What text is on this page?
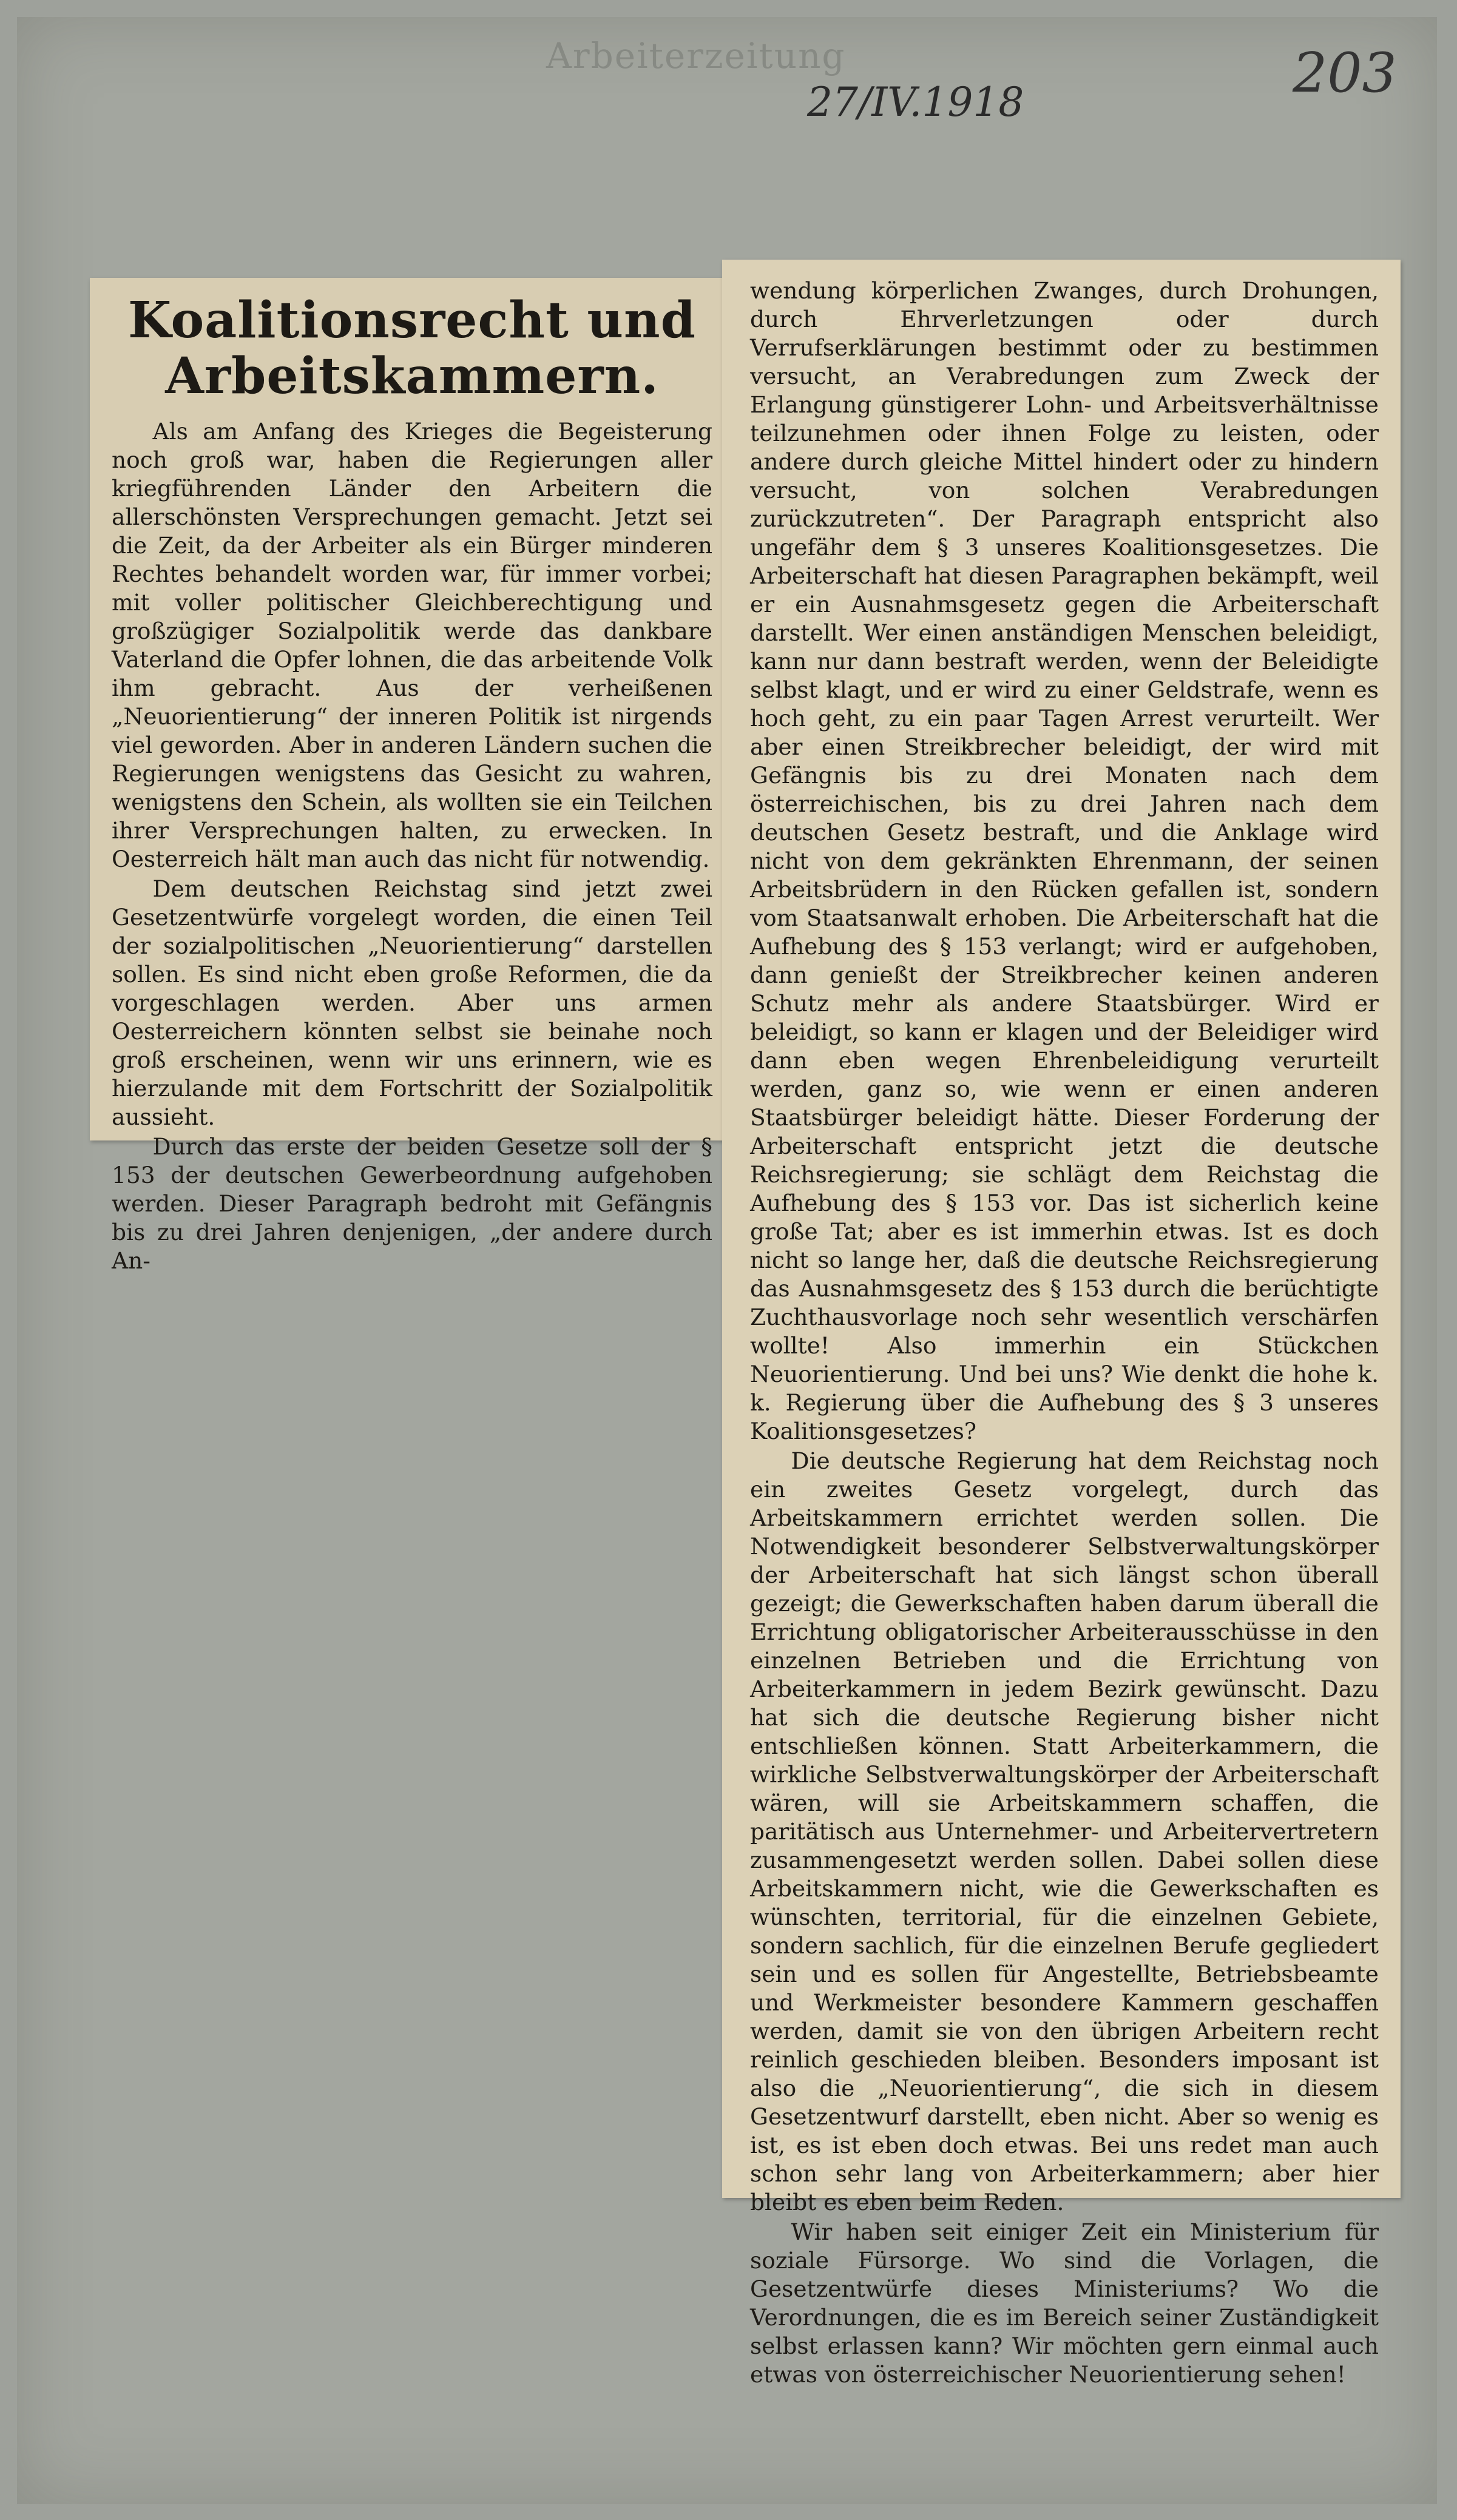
Arbeiterzeitung
27/IV.1918	203
Koalitionsrecht und Arbeitskammern.

Als am Anfang des Krieges die Begeisterung noch groß war, haben die Regierungen aller kriegführenden Länder den Arbeitern die allerschönsten Versprechungen gemacht. Jetzt sei die Zeit, da der Arbeiter als ein Bürger minderen Rechtes behandelt worden war, für immer vorbei; mit voller politischer Gleichberechtigung und großzügiger Sozialpolitik werde das dankbare Vaterland die Opfer lohnen, die das arbeitende Volk ihm gebracht. Aus der verheißenen „Neuorientierung“ der inneren Politik ist nirgends viel geworden. Aber in anderen Ländern suchen die Regierungen wenigstens das Gesicht zu wahren, wenigstens den Schein, als wollten sie ein Teilchen ihrer Versprechungen halten, zu erwecken. In Oesterreich hält man auch das nicht für notwendig.

Dem deutschen Reichstag sind jetzt zwei Gesetzentwürfe vorgelegt worden, die einen Teil der sozialpolitischen „Neuorientierung“ darstellen sollen. Es sind nicht eben große Reformen, die da vorgeschlagen werden. Aber uns armen Oesterreichern könnten selbst sie beinahe noch groß erscheinen, wenn wir uns erinnern, wie es hierzulande mit dem Fortschritt der Sozialpolitik aussieht.

Durch das erste der beiden Gesetze soll der § 153 der deutschen Gewerbeordnung aufgehoben werden. Dieser Paragraph bedroht mit Gefängnis bis zu drei Jahren denjenigen, „der andere durch An-

wendung körperlichen Zwanges, durch Drohungen, durch Ehrverletzungen oder durch Verrufserklärungen bestimmt oder zu bestimmen versucht, an Verabredungen zum Zweck der Erlangung günstigerer Lohn- und Arbeitsverhältnisse teilzunehmen oder ihnen Folge zu leisten, oder andere durch gleiche Mittel hindert oder zu hindern versucht, von solchen Verabredungen zurückzutreten“. Der Paragraph entspricht also ungefähr dem § 3 unseres Koalitionsgesetzes. Die Arbeiterschaft hat diesen Paragraphen bekämpft, weil er ein Ausnahmsgesetz gegen die Arbeiterschaft darstellt. Wer einen anständigen Menschen beleidigt, kann nur dann bestraft werden, wenn der Beleidigte selbst klagt, und er wird zu einer Geldstrafe, wenn es hoch geht, zu ein paar Tagen Arrest verurteilt. Wer aber einen Streikbrecher beleidigt, der wird mit Gefängnis bis zu drei Monaten nach dem österreichischen, bis zu drei Jahren nach dem deutschen Gesetz bestraft, und die Anklage wird nicht von dem gekränkten Ehrenmann, der seinen Arbeitsbrüdern in den Rücken gefallen ist, sondern vom Staatsanwalt erhoben. Die Arbeiterschaft hat die Aufhebung des § 153 verlangt; wird er aufgehoben, dann genießt der Streikbrecher keinen anderen Schutz mehr als andere Staatsbürger. Wird er beleidigt, so kann er klagen und der Beleidiger wird dann eben wegen Ehrenbeleidigung verurteilt werden, ganz so, wie wenn er einen anderen Staatsbürger beleidigt hätte. Dieser Forderung der Arbeiterschaft entspricht jetzt die deutsche Reichsregierung; sie schlägt dem Reichstag die Aufhebung des § 153 vor. Das ist sicherlich keine große Tat; aber es ist immerhin etwas. Ist es doch nicht so lange her, daß die deutsche Reichsregierung das Ausnahmsgesetz des § 153 durch die berüchtigte Zuchthausvorlage noch sehr wesentlich verschärfen wollte! Also immerhin ein Stückchen Neuorientierung. Und bei uns? Wie denkt die hohe k. k. Regierung über die Aufhebung des § 3 unseres Koalitionsgesetzes?

Die deutsche Regierung hat dem Reichstag noch ein zweites Gesetz vorgelegt, durch das Arbeitskammern errichtet werden sollen. Die Notwendigkeit besonderer Selbstverwaltungskörper der Arbeiterschaft hat sich längst schon überall gezeigt; die Gewerkschaften haben darum überall die Errichtung obligatorischer Arbeiterausschüsse in den einzelnen Betrieben und die Errichtung von Arbeiterkammern in jedem Bezirk gewünscht. Dazu hat sich die deutsche Regierung bisher nicht entschließen können. Statt Arbeiterkammern, die wirkliche Selbstverwaltungskörper der Arbeiterschaft wären, will sie Arbeitskammern schaffen, die paritätisch aus Unternehmer- und Arbeitervertretern zusammengesetzt werden sollen. Dabei sollen diese Arbeitskammern nicht, wie die Gewerkschaften es wünschten, territorial, für die einzelnen Gebiete, sondern sachlich, für die einzelnen Berufe gegliedert sein und es sollen für Angestellte, Betriebsbeamte und Werkmeister besondere Kammern geschaffen werden, damit sie von den übrigen Arbeitern recht reinlich geschieden bleiben. Besonders imposant ist also die „Neuorientierung“, die sich in diesem Gesetzentwurf darstellt, eben nicht. Aber so wenig es ist, es ist eben doch etwas. Bei uns redet man auch schon sehr lang von Arbeiterkammern; aber hier bleibt es eben beim Reden.

Wir haben seit einiger Zeit ein Ministerium für soziale Fürsorge. Wo sind die Vorlagen, die Gesetzentwürfe dieses Ministeriums? Wo die Verordnungen, die es im Bereich seiner Zuständigkeit selbst erlassen kann? Wir möchten gern einmal auch etwas von österreichischer Neuorientierung sehen!
